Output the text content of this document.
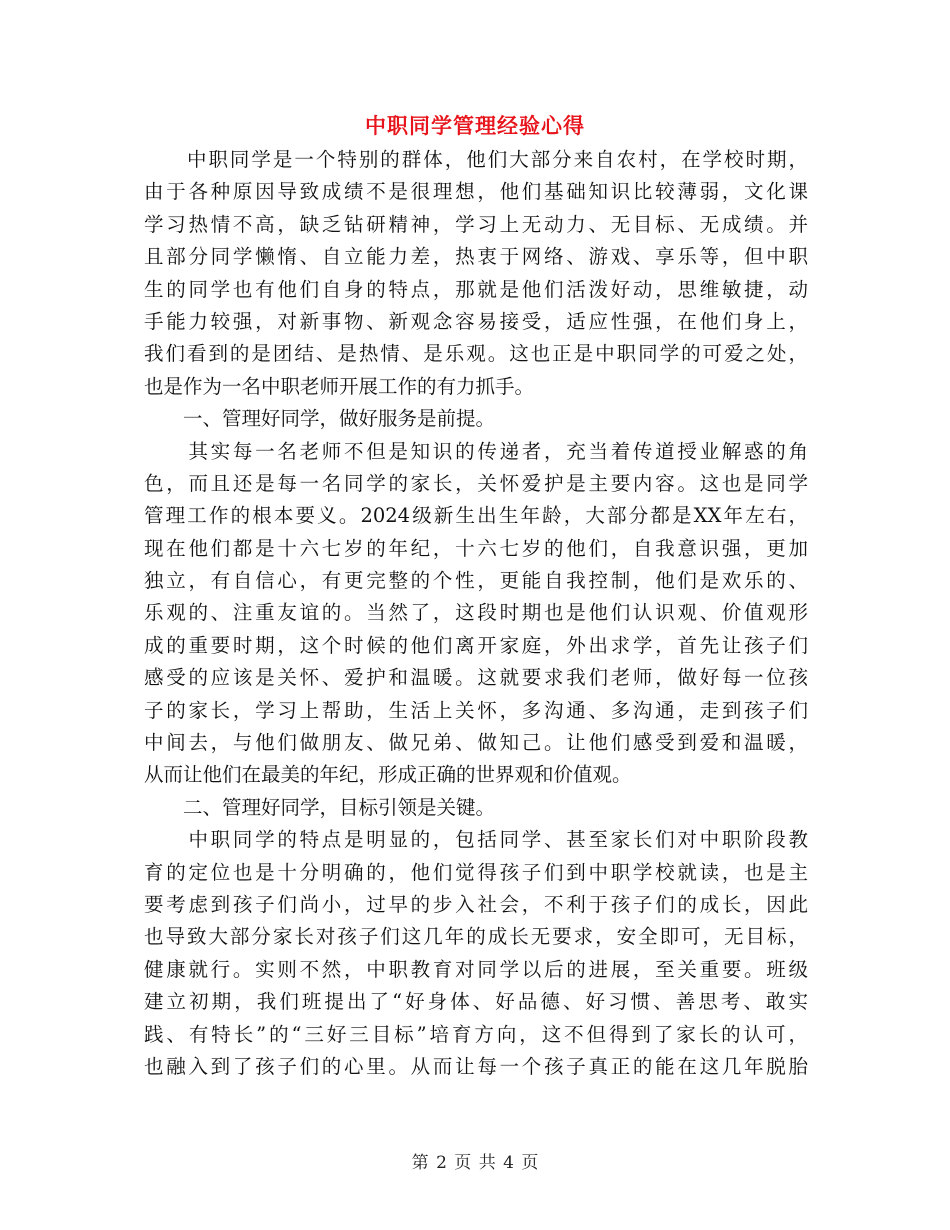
中职同学管理经验心得
　　中职同学是一个特别的群体，他们大部分来自农村，在学校时期，
由于各种原因导致成绩不是很理想，他们基础知识比较薄弱，文化课
学习热情不高，缺乏钻研精神，学习上无动力、无目标、无成绩。并
且部分同学懒惰、自立能力差，热衷于网络、游戏、享乐等，但中职
生的同学也有他们自身的特点，那就是他们活泼好动，思维敏捷，动
手能力较强，对新事物、新观念容易接受，适应性强，在他们身上，
我们看到的是团结、是热情、是乐观。这也正是中职同学的可爱之处，
也是作为一名中职老师开展工作的有力抓手。
　　一、管理好同学，做好服务是前提。
　　其实每一名老师不但是知识的传递者，充当着传道授业解惑的角
色，而且还是每一名同学的家长，关怀爱护是主要内容。这也是同学
管理工作的根本要义。2024级新生出生年龄，大部分都是XX年左右，
现在他们都是十六七岁的年纪，十六七岁的他们，自我意识强，更加
独立，有自信心，有更完整的个性，更能自我控制，他们是欢乐的、
乐观的、注重友谊的。当然了，这段时期也是他们认识观、价值观形
成的重要时期，这个时候的他们离开家庭，外出求学，首先让孩子们
感受的应该是关怀、爱护和温暖。这就要求我们老师，做好每一位孩
子的家长，学习上帮助，生活上关怀，多沟通、多沟通，走到孩子们
中间去，与他们做朋友、做兄弟、做知己。让他们感受到爱和温暖，
从而让他们在最美的年纪，形成正确的世界观和价值观。
　　二、管理好同学，目标引领是关键。
　　中职同学的特点是明显的，包括同学、甚至家长们对中职阶段教
育的定位也是十分明确的，他们觉得孩子们到中职学校就读，也是主
要考虑到孩子们尚小，过早的步入社会，不利于孩子们的成长，因此
也导致大部分家长对孩子们这几年的成长无要求，安全即可，无目标，
健康就行。实则不然，中职教育对同学以后的进展，至关重要。班级
建立初期，我们班提出了“好身体、好品德、好习惯、善思考、敢实
践、有特长”的“三好三目标”培育方向，这不但得到了家长的认可，
也融入到了孩子们的心里。从而让每一个孩子真正的能在这几年脱胎
第 2 页 共 4 页
